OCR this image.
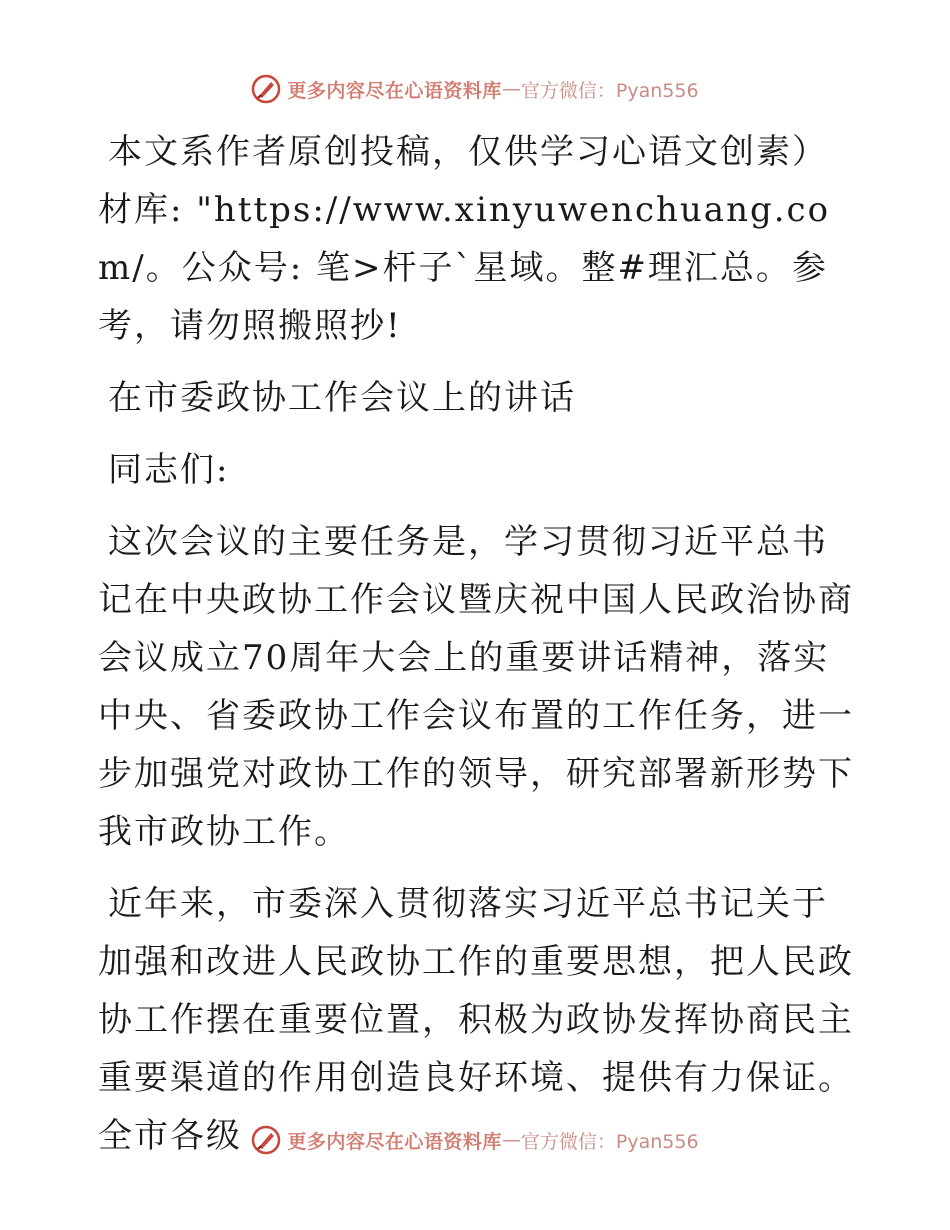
更多内容尽在心语资料库 — 官方微信：Pyan556

本文系作者原创投稿，仅供学习心语文创素）材库: "https://www.xinyuwenchuang.com/。公众号: 笔>杆子`星域。整#理汇总。参考，请勿照搬照抄!

在市委政协工作会议上的讲话

同志们:

这次会议的主要任务是，学习贯彻习近平总书记在中央政协工作会议暨庆祝中国人民政治协商会议成立70周年大会上的重要讲话精神，落实中央、省委政协工作会议布置的工作任务，进一步加强党对政协工作的领导，研究部署新形势下我市政协工作。

近年来，市委深入贯彻落实习近平总书记关于加强和改进人民政协工作的重要思想，把人民政协工作摆在重要位置，积极为政协发挥协商民主重要渠道的作用创造良好环境、提供有力保证。全市各级	更多内容尽在心语资料库 — 官方微信：Pyan556
